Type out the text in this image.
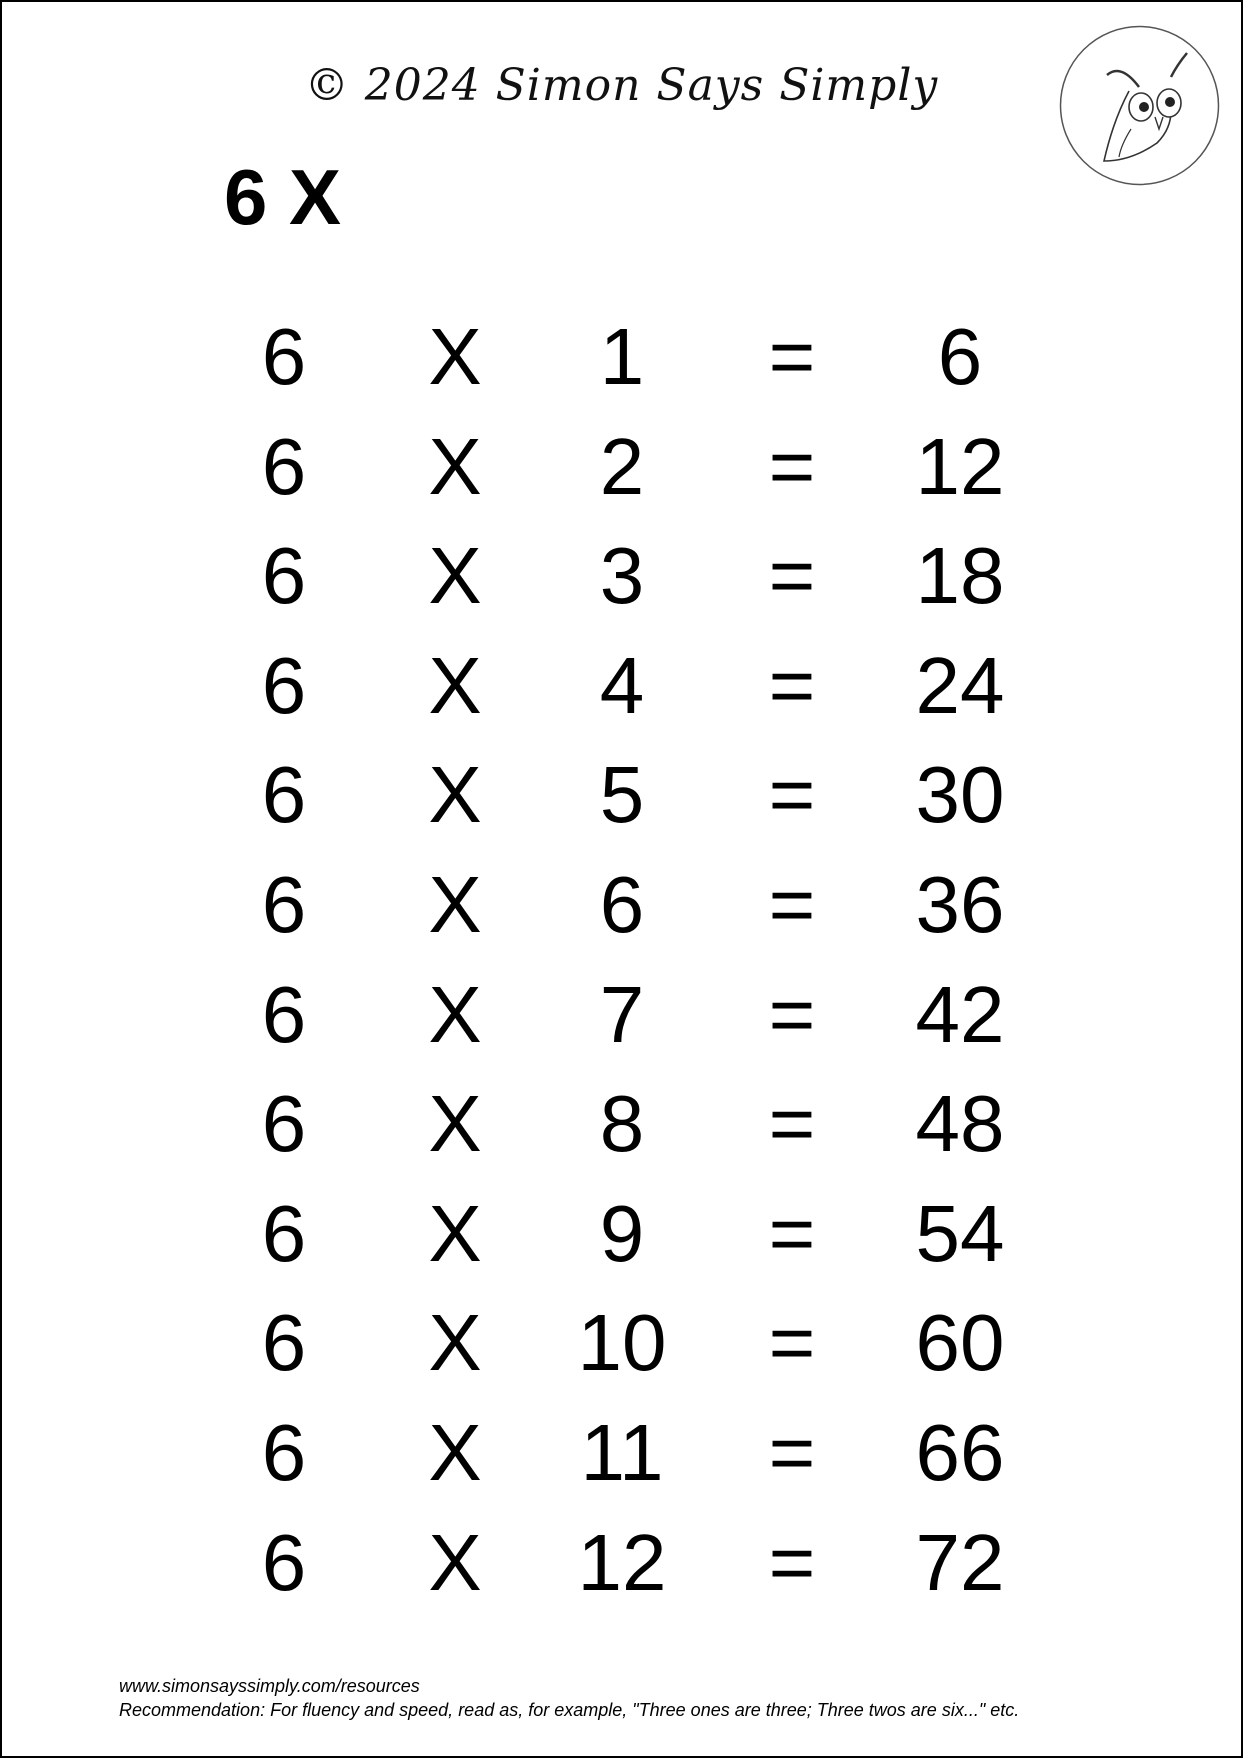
© 2024 Simon Says Simply
6 X
6	X	1	=	6
6	X	2	=	12
6	X	3	=	18
6	X	4	=	24
6	X	5	=	30
6	X	6	=	36
6	X	7	=	42
6	X	8	=	48
6	X	9	=	54
6	X	10	=	60
6	X	11	=	66
6	X	12	=	72
www.simonsayssimply.com/resources
Recommendation: For fluency and speed, read as, for example, "Three ones are three; Three twos are six..." etc.
